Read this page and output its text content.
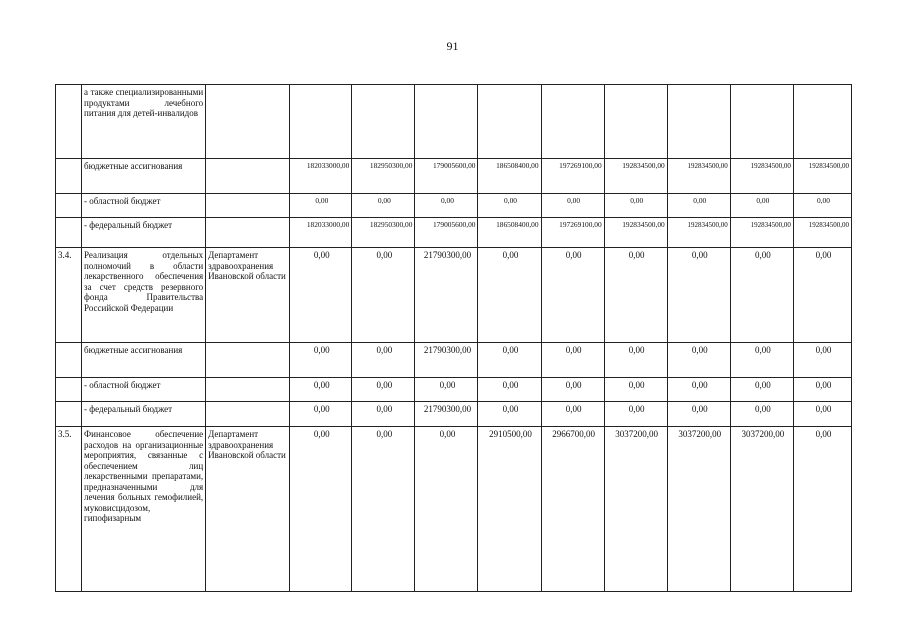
91
	а также специализированными продуктами лечебного питания для детей-инвалидов										
	бюджетные ассигнования		182033000,00	182950300,00	179005600,00	186508400,00	197269100,00	192834500,00	192834500,00	192834500,00	192834500,00
	- областной бюджет		0,00	0,00	0,00	0,00	0,00	0,00	0,00	0,00	0,00
	- федеральный бюджет		182033000,00	182950300,00	179005600,00	186508400,00	197269100,00	192834500,00	192834500,00	192834500,00	192834500,00
3.4.	Реализация отдельных полномочий в области лекарственного обеспечения за счет средств резервного фонда Правительства Российской Федерации	Департамент здравоохранения Ивановской области	0,00	0,00	21790300,00	0,00	0,00	0,00	0,00	0,00	0,00
	бюджетные ассигнования		0,00	0,00	21790300,00	0,00	0,00	0,00	0,00	0,00	0,00
	- областной бюджет		0,00	0,00	0,00	0,00	0,00	0,00	0,00	0,00	0,00
	- федеральный бюджет		0,00	0,00	21790300,00	0,00	0,00	0,00	0,00	0,00	0,00
3.5.	Финансовое обеспечение расходов на организационные мероприятия, связанные с обеспечением лиц лекарственными препаратами, предназначенными для лечения больных гемофилией, муковисцидозом, гипофизарным	Департамент здравоохранения Ивановской области	0,00	0,00	0,00	2910500,00	2966700,00	3037200,00	3037200,00	3037200,00	0,00
